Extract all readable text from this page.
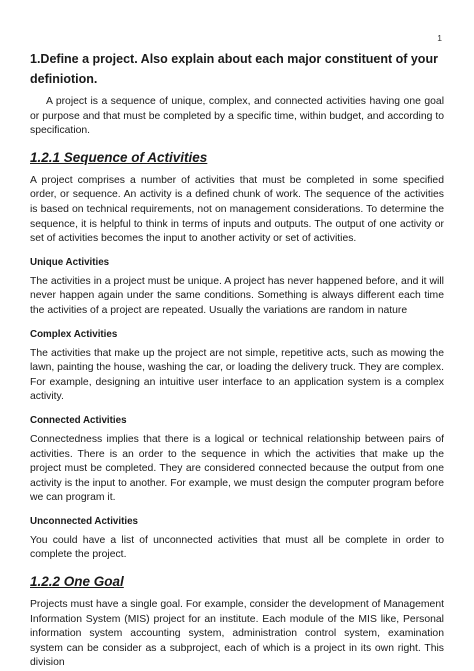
1
1.Define a project. Also explain about each major constituent of your definiotion.

A project is a sequence of unique, complex, and connected activities having one goal or purpose and that must be completed by a specific time, within budget, and according to specification.

1.2.1 Sequence of Activities

A project comprises a number of activities that must be completed in some specified order, or sequence. An activity is a defined chunk of work. The sequence of the activities is based on technical requirements, not on management considerations. To determine the sequence, it is helpful to think in terms of inputs and outputs. The output of one activity or set of activities becomes the input to another activity or set of activities.

Unique Activities

The activities in a project must be unique. A project has never happened before, and it will never happen again under the same conditions. Something is always different each time the activities of a project are repeated. Usually the variations are random in nature

Complex Activities

The activities that make up the project are not simple, repetitive acts, such as mowing the lawn, painting the house, washing the car, or loading the delivery truck. They are complex. For example, designing an intuitive user interface to an application system is a complex activity.

Connected Activities

Connectedness implies that there is a logical or technical relationship between pairs of activities. There is an order to the sequence in which the activities that make up the project must be completed. They are considered connected because the output from one activity is the input to another. For example, we must design the computer program before we can program it.

Unconnected Activities

You could have a list of unconnected activities that must all be complete in order to complete the project.

1.2.2 One Goal

Projects must have a single goal. For example, consider the development of Management Information System (MIS) project for an institute. Each module of the MIS like, Personal information system accounting system, administration control system, examination system can be consider as a subproject, each of which is a project in its own right. This division
